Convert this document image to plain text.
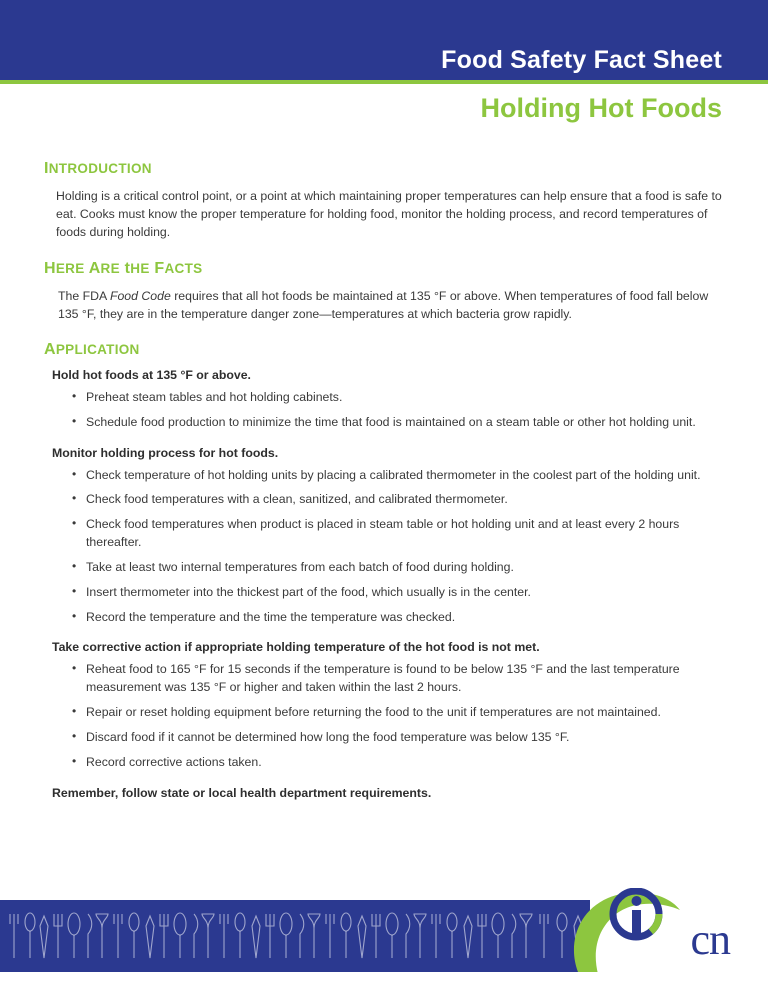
Food Safety Fact Sheet
Holding Hot Foods
INTRODUCTION

Holding is a critical control point, or a point at which maintaining proper temperatures can help ensure that a food is safe to eat. Cooks must know the proper temperature for holding food, monitor the holding process, and record temperatures of foods during holding.

HERE ARE tHE FACTS

The FDA Food Code requires that all hot foods be maintained at 135 °F or above. When temperatures of food fall below 135 °F, they are in the temperature danger zone—temperatures at which bacteria grow rapidly.

APPLICATION

Hold hot foods at 135 °F or above.

• Preheat steam tables and hot holding cabinets.
• Schedule food production to minimize the time that food is maintained on a steam table or other hot holding unit.

Monitor holding process for hot foods.

• Check temperature of hot holding units by placing a calibrated thermometer in the coolest part of the holding unit.
• Check food temperatures with a clean, sanitized, and calibrated thermometer.
• Check food temperatures when product is placed in steam table or hot holding unit and at least every 2 hours thereafter.
• Take at least two internal temperatures from each batch of food during holding.
• Insert thermometer into the thickest part of the food, which usually is in the center.
• Record the temperature and the time the temperature was checked.

Take corrective action if appropriate holding temperature of the hot food is not met.

• Reheat food to 165 °F for 15 seconds if the temperature is found to be below 135 °F and the last temperature measurement was 135 °F or higher and taken within the last 2 hours.
• Repair or reset holding equipment before returning the food to the unit if temperatures are not maintained.
• Discard food if it cannot be determined how long the food temperature was below 135 °F.
• Record corrective actions taken.

Remember, follow state or local health department requirements.

cn
